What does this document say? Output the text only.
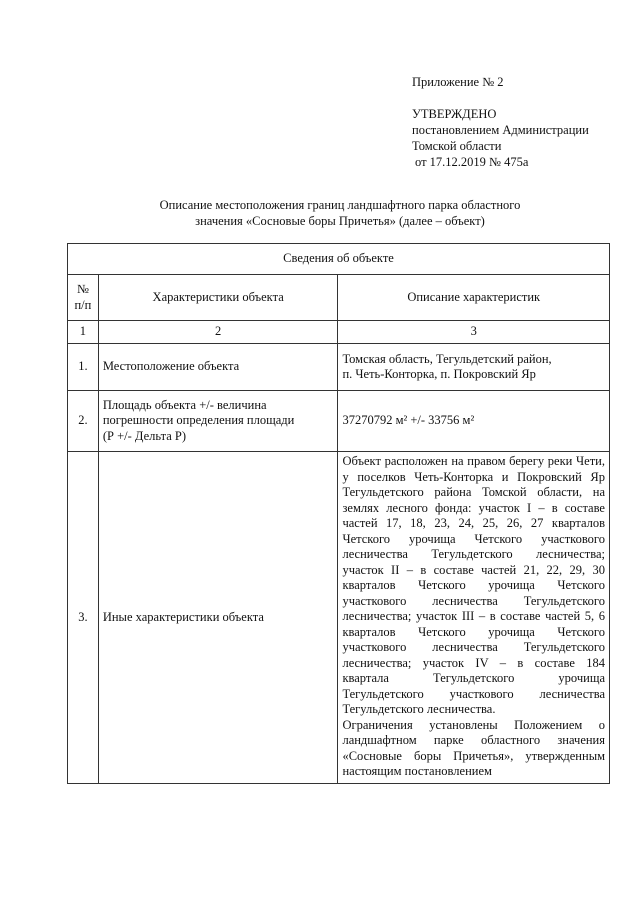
Приложение № 2
УТВЕРЖДЕНО
постановлением Администрации
Томской области
от 17.12.2019 № 475а
Описание местоположения границ ландшафтного парка областного
значения «Сосновые боры Причетья» (далее – объект)
Сведения об объекте		

№
п/п	Характеристики объекта	Описание характеристик
1	2	3
1.	Местоположение объекта	Томская область, Тегульдетский район,
п. Четь-Конторка, п. Покровский Яр

2.	Площадь объекта +/- величина
погрешности определения площади
(Р +/- Дельта Р)	37270792 м² +/- 33756 м²
3.	Иные характеристики объекта	Объект расположен на правом берегу реки Чети, у поселков Четь-Конторка и Покровский Яр Тегульдетского района Томской области, на землях лесного фонда: участок I – в составе частей 17, 18, 23, 24, 25, 26, 27 кварталов Четского урочища Четского участкового лесничества Тегульдетского лесничества; участок II – в составе частей 21, 22, 29, 30 кварталов Четского урочища Четского участкового лесничества Тегульдетского лесничества; участок III – в составе частей 5, 6 кварталов Четского урочища Четского участкового лесничества Тегульдетского лесничества; участок IV – в составе 184 квартала Тегульдетского урочища Тегульдетского участкового лесничества Тегульдетского лесничества.
Ограничения установлены Положением о ландшафтном парке областного значения «Сосновые боры Причетья», утвержденным настоящим постановлением
